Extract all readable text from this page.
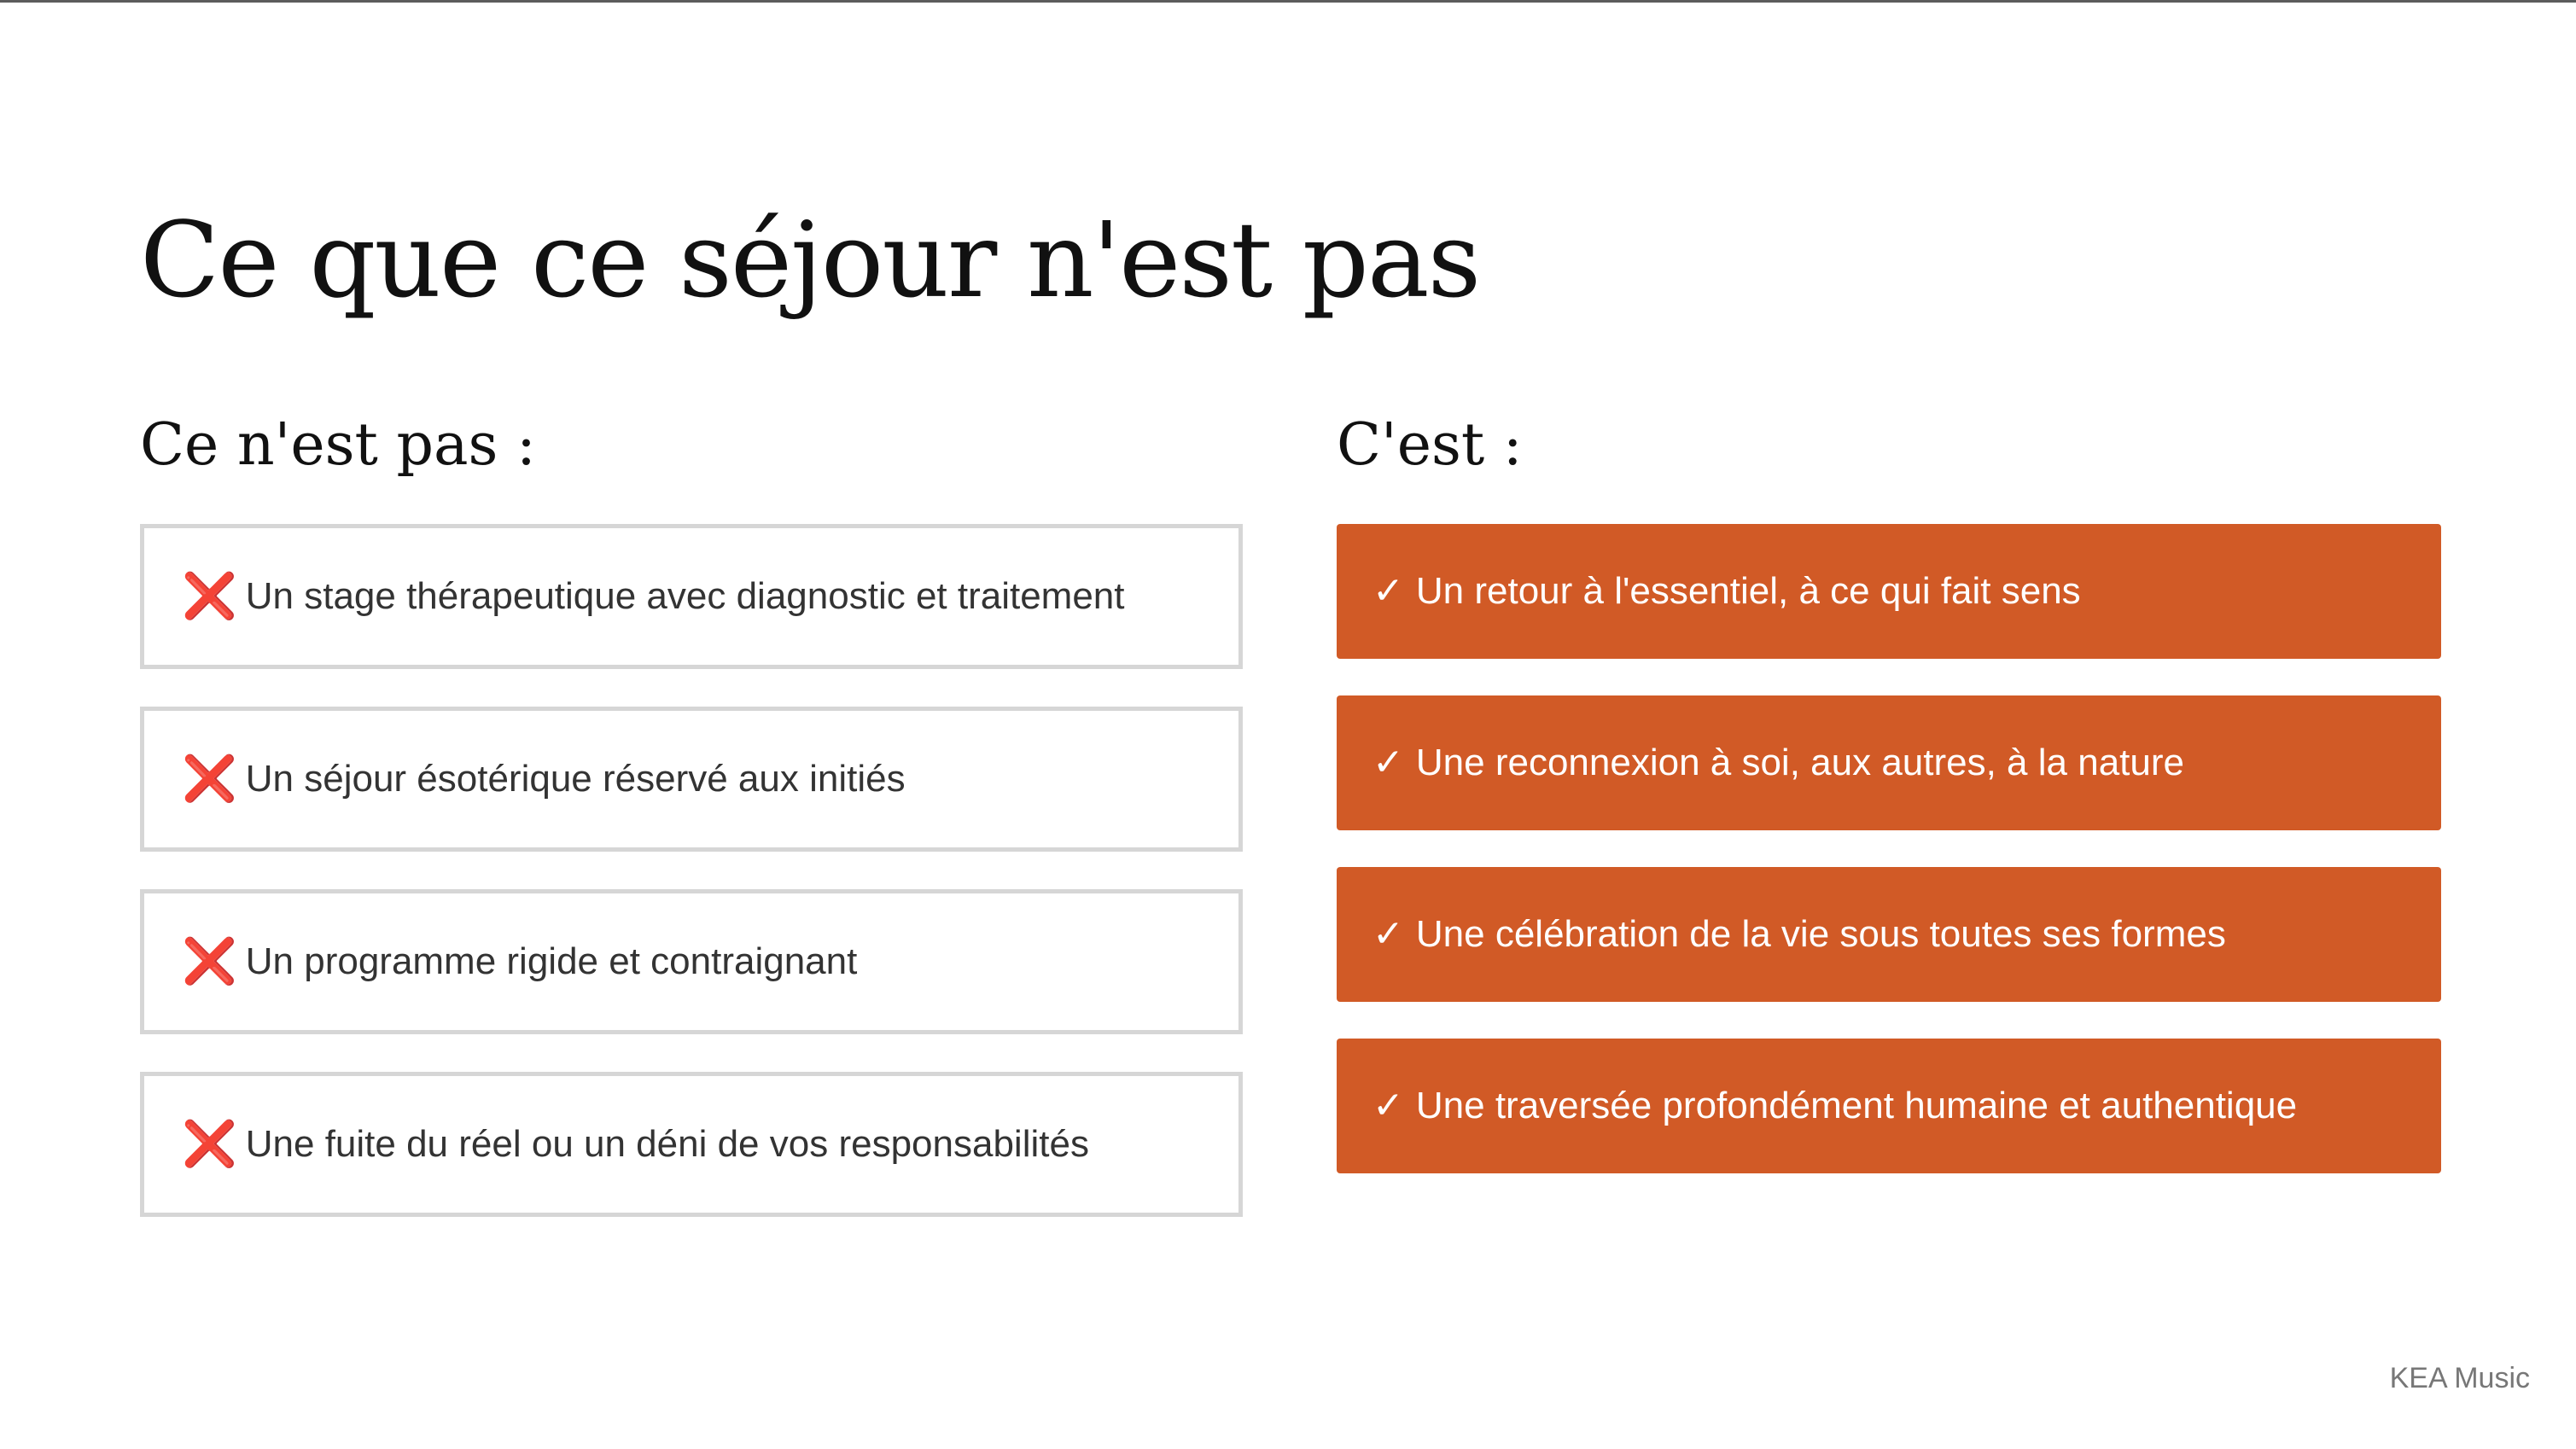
Ce que ce séjour n'est pas
Ce n'est pas :	C'est :
❌ Un stage thérapeutique avec diagnostic et traitement
❌ Un séjour ésotérique réservé aux initiés
❌ Un programme rigide et contraignant
❌ Une fuite du réel ou un déni de vos responsabilités
✓ Un retour à l'essentiel, à ce qui fait sens
✓ Une reconnexion à soi, aux autres, à la nature
✓ Une célébration de la vie sous toutes ses formes
✓ Une traversée profondément humaine et authentique
KEA Music
